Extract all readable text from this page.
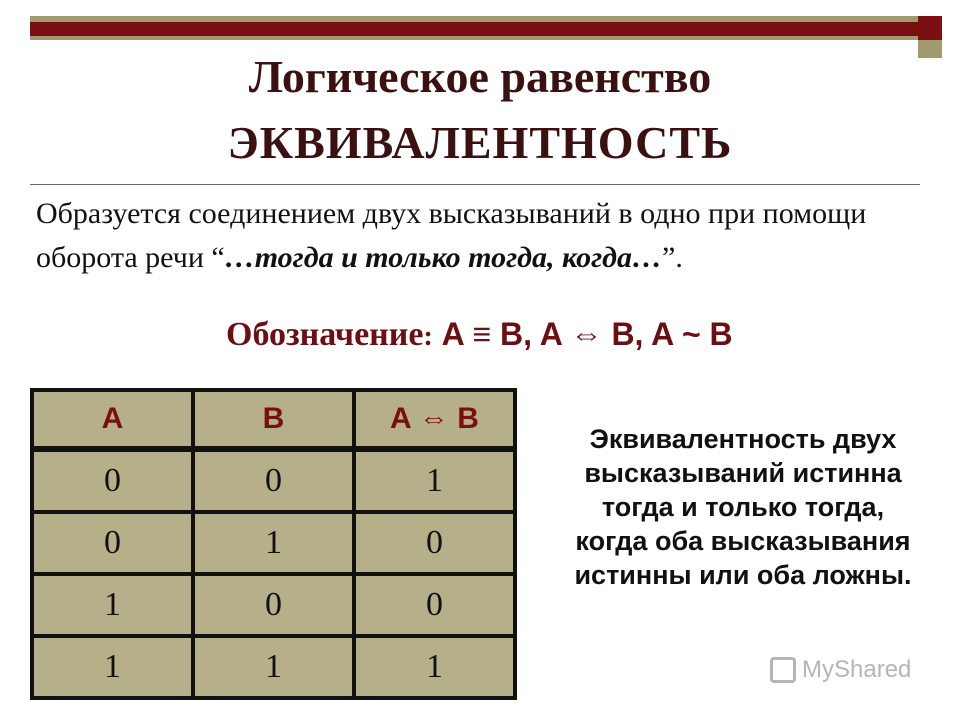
Логическое равенство
ЭКВИВАЛЕНТНОСТЬ
Образуется соединением двух высказываний в одно при помощи оборота речи “…тогда и только тогда, когда…”.
Обозначение: A ≡ B, A ⇔ B, A ~ B
A	B	A ⇔ B
0	0	1
0	1	0
1	0	0
1	1	1
Эквивалентность двух высказываний истинна тогда и только тогда, когда оба высказывания истинны или оба ложны.
MyShared
